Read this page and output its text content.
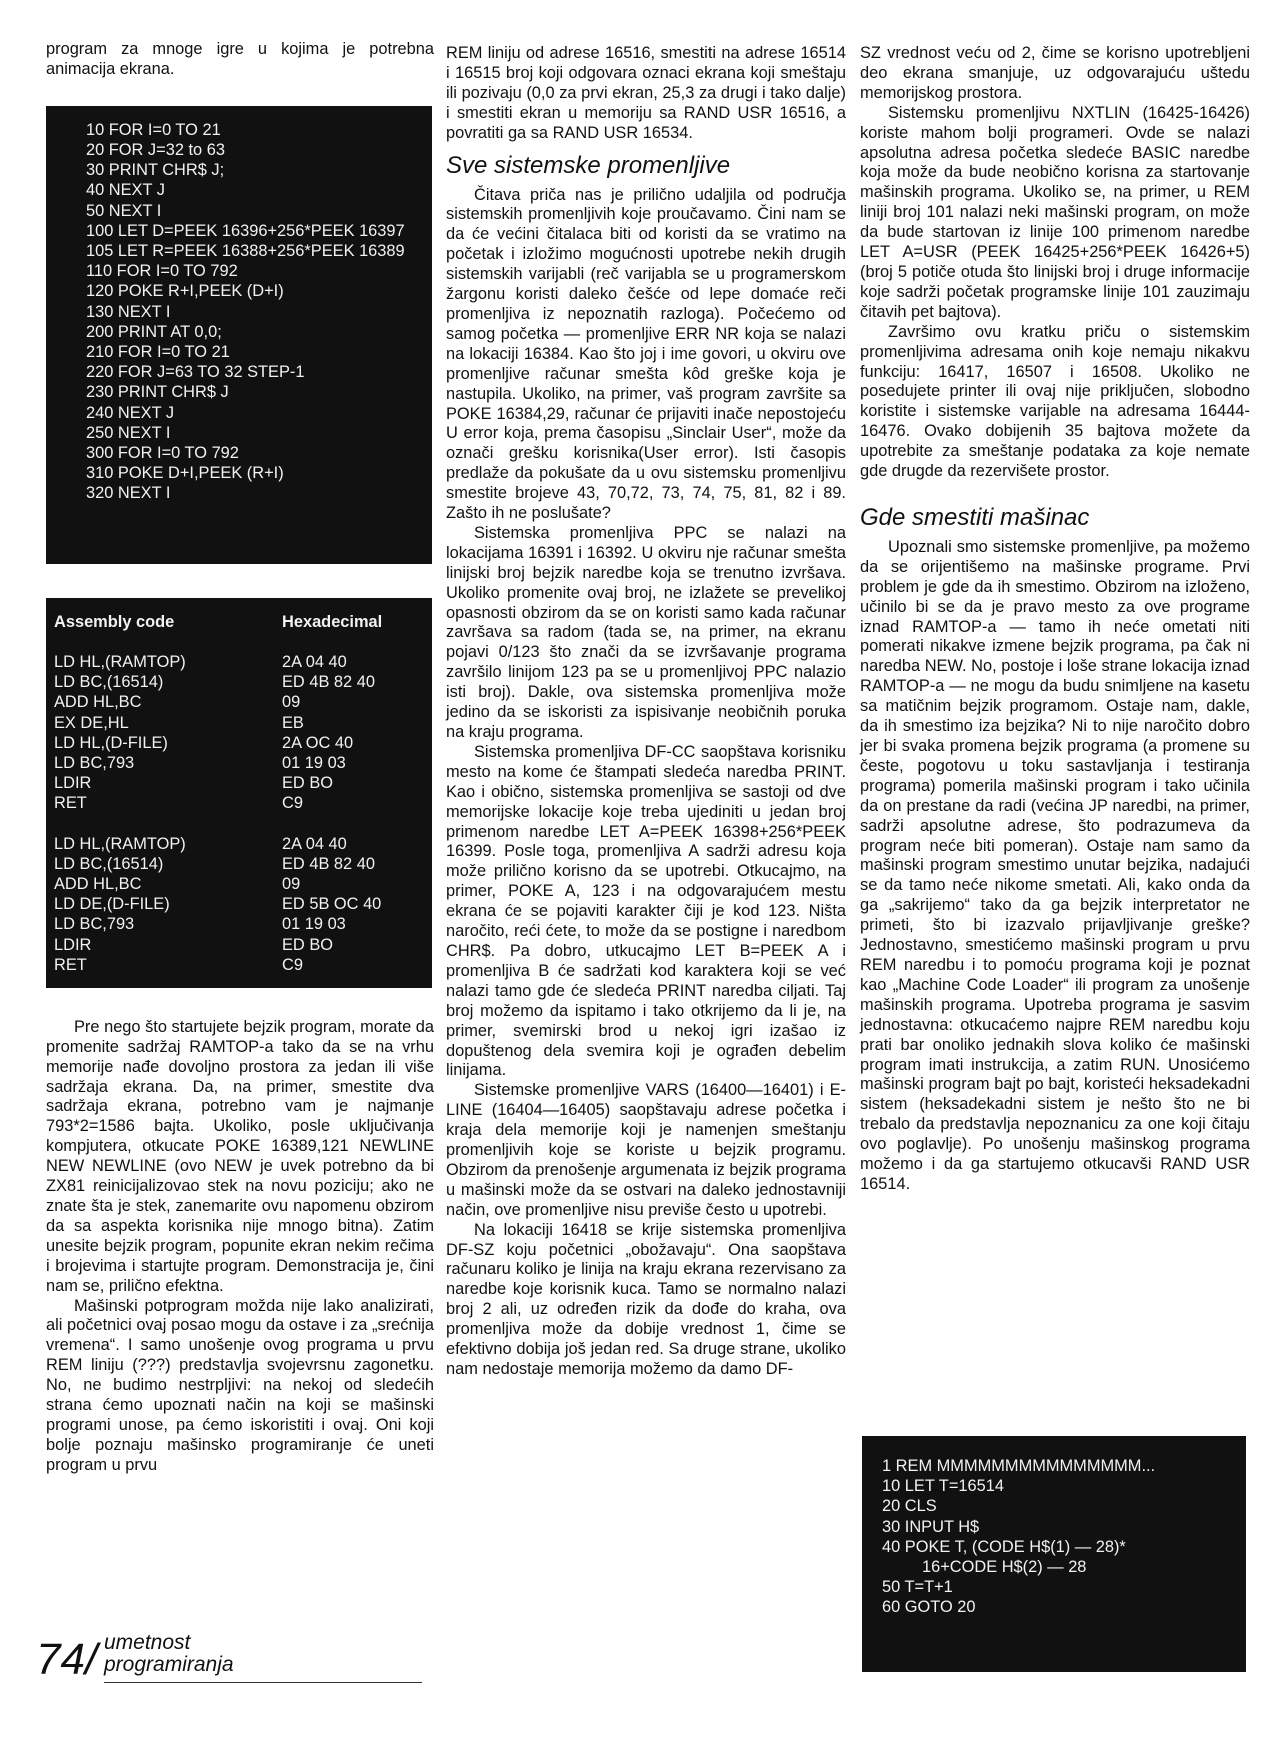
program za mnoge igre u kojima je potrebna animacija ekrana.

10 FOR I=0 TO 21
20 FOR J=32 to 63
30 PRINT CHR$ J;
40 NEXT J
50 NEXT I
100 LET D=PEEK 16396+256*PEEK 16397
105 LET R=PEEK 16388+256*PEEK 16389
110 FOR I=0 TO 792
120 POKE R+I,PEEK (D+I)
130 NEXT I
200 PRINT AT 0,0;
210 FOR I=0 TO 21
220 FOR J=63 TO 32 STEP-1
230 PRINT CHR$ J
240 NEXT J
250 NEXT I
300 FOR I=0 TO 792
310 POKE D+I,PEEK (R+I)
320 NEXT I
Assembly code	Hexadecimal
LD HL,(RAMTOP)	2A 04 40
LD BC,(16514)	ED 4B 82 40
ADD HL,BC	09
EX DE,HL	EB
LD HL,(D-FILE)	2A OC 40
LD BC,793	01 19 03
LDIR	ED BO
RET	C9
LD HL,(RAMTOP)	2A 04 40
LD BC,(16514)	ED 4B 82 40
ADD HL,BC	09
LD DE,(D-FILE)	ED 5B OC 40
LD BC,793	01 19 03
LDIR	ED BO
RET	C9

Pre nego što startujete bejzik program, morate da promenite sadržaj RAMTOP-a tako da se na vrhu memorije nađe dovoljno prostora za jedan ili više sadržaja ekrana. Da, na primer, smestite dva sadržaja ekrana, potrebno vam je najmanje 793*2=1586 bajta. Ukoliko, posle uključivanja kompjutera, otkucate POKE 16389,121 NEWLINE NEW NEWLINE (ovo NEW je uvek potrebno da bi ZX81 reinicijalizovao stek na novu poziciju; ako ne znate šta je stek, zanemarite ovu napomenu obzirom da sa aspekta korisnika nije mnogo bitna). Zatim unesite bejzik program, popunite ekran nekim rečima i brojevima i startujte program. Demonstracija je, čini nam se, prilično efektna.

Mašinski potprogram možda nije lako analizirati, ali početnici ovaj posao mogu da ostave i za „srećnija vremena“. I samo unošenje ovog programa u prvu REM liniju (???) predstavlja svojevrsnu zagonetku. No, ne budimo nestrpljivi: na nekoj od sledećih strana ćemo upoznati način na koji se mašinski programi unose, pa ćemo iskoristiti i ovaj. Oni koji bolje poznaju mašinsko programiranje će uneti program u prvu

REM liniju od adrese 16516, smestiti na adrese 16514 i 16515 broj koji odgovara oznaci ekrana koji smeštaju ili pozivaju (0,0 za prvi ekran, 25,3 za drugi i tako dalje) i smestiti ekran u memoriju sa RAND USR 16516, a povratiti ga sa RAND USR 16534.

Sve sistemske promenljive

Čitava priča nas je prilično udaljila od područja sistemskih promenljivih koje proučavamo. Čini nam se da će većini čitalaca biti od koristi da se vratimo na početak i izložimo mogućnosti upotrebe nekih drugih sistemskih varijabli (reč varijabla se u programerskom žargonu koristi daleko češće od lepe domaće reči promenljiva iz nepoznatih razloga). Počećemo od samog početka — promenljive ERR NR koja se nalazi na lokaciji 16384. Kao što joj i ime govori, u okviru ove promenljive računar smešta kôd greške koja je nastupila. Ukoliko, na primer, vaš program završite sa POKE 16384,29, računar će prijaviti inače nepostojeću U error koja, prema časopisu „Sinclair User“, može da označi grešku korisnika(User error). Isti časopis predlaže da pokušate da u ovu sistemsku promenljivu smestite brojeve 43, 70,72, 73, 74, 75, 81, 82 i 89. Zašto ih ne poslušate?

Sistemska promenljiva PPC se nalazi na lokacijama 16391 i 16392. U okviru nje računar smešta linijski broj bejzik naredbe koja se trenutno izvršava. Ukoliko promenite ovaj broj, ne izlažete se prevelikoj opasnosti obzirom da se on koristi samo kada računar završava sa radom (tada se, na primer, na ekranu pojavi 0/123 što znači da se izvršavanje programa završilo linijom 123 pa se u promenljivoj PPC nalazio isti broj). Dakle, ova sistemska promenljiva može jedino da se iskoristi za ispisivanje neobičnih poruka na kraju programa.

Sistemska promenljiva DF-CC saopštava korisniku mesto na kome će štampati sledeća naredba PRINT. Kao i obično, sistemska promenljiva se sastoji od dve memorijske lokacije koje treba ujediniti u jedan broj primenom naredbe LET A=PEEK 16398+256*PEEK 16399. Posle toga, promenljiva A sadrži adresu koja može prilično korisno da se upotrebi. Otkucajmo, na primer, POKE A, 123 i na odgovarajućem mestu ekrana će se pojaviti karakter čiji je kod 123. Ništa naročito, reći ćete, to može da se postigne i naredbom CHR$. Pa dobro, utkucajmo LET B=PEEK A i promenljiva B će sadržati kod karaktera koji se već nalazi tamo gde će sledeća PRINT naredba ciljati. Taj broj možemo da ispitamo i tako otkrijemo da li je, na primer, svemirski brod u nekoj igri izašao iz dopuštenog dela svemira koji je ograđen debelim linijama.

Sistemske promenljive VARS (16400—16401) i E-LINE (16404—16405) saopštavaju adrese početka i kraja dela memorije koji je namenjen smeštanju promenljivih koje se koriste u bejzik programu. Obzirom da prenošenje argumenata iz bejzik programa u mašinski može da se ostvari na daleko jednostavniji način, ove promenljive nisu previše često u upotrebi.

Na lokaciji 16418 se krije sistemska promenljiva DF-SZ koju početnici „obožavaju“. Ona saopštava računaru koliko je linija na kraju ekrana rezervisano za naredbe koje korisnik kuca. Tamo se normalno nalazi broj 2 ali, uz određen rizik da dođe do kraha, ova promenljiva može da dobije vrednost 1, čime se efektivno dobija još jedan red. Sa druge strane, ukoliko nam nedostaje memorija možemo da damo DF-

SZ vrednost veću od 2, čime se korisno upotrebljeni deo ekrana smanjuje, uz odgovarajuću uštedu memorijskog prostora.

Sistemsku promenljivu NXTLIN (16425-16426) koriste mahom bolji programeri. Ovde se nalazi apsolutna adresa početka sledeće BASIC naredbe koja može da bude neobično korisna za startovanje mašinskih programa. Ukoliko se, na primer, u REM liniji broj 101 nalazi neki mašinski program, on može da bude startovan iz linije 100 primenom naredbe LET A=USR (PEEK 16425+256*PEEK 16426+5) (broj 5 potiče otuda što linijski broj i druge informacije koje sadrži početak programske linije 101 zauzimaju čitavih pet bajtova).

Završimo ovu kratku priču o sistemskim promenljivima adresama onih koje nemaju nikakvu funkciju: 16417, 16507 i 16508. Ukoliko ne posedujete printer ili ovaj nije priključen, slobodno koristite i sistemske varijable na adresama 16444-16476. Ovako dobijenih 35 bajtova možete da upotrebite za smeštanje podataka za koje nemate gde drugde da rezervišete prostor.

Gde smestiti mašinac

Upoznali smo sistemske promenljive, pa možemo da se orijentišemo na mašinske programe. Prvi problem je gde da ih smestimo. Obzirom na izloženo, učinilo bi se da je pravo mesto za ove programe iznad RAMTOP-a — tamo ih neće ometati niti pomerati nikakve izmene bejzik programa, pa čak ni naredba NEW. No, postoje i loše strane lokacija iznad RAMTOP-a — ne mogu da budu snimljene na kasetu sa matičnim bejzik programom. Ostaje nam, dakle, da ih smestimo iza bejzika? Ni to nije naročito dobro jer bi svaka promena bejzik programa (a promene su česte, pogotovu u toku sastavljanja i testiranja programa) pomerila mašinski program i tako učinila da on prestane da radi (većina JP naredbi, na primer, sadrži apsolutne adrese, što podrazumeva da program neće biti pomeran). Ostaje nam samo da mašinski program smestimo unutar bejzika, nadajući se da tamo neće nikome smetati. Ali, kako onda da ga „sakrijemo“ tako da ga bejzik interpretator ne primeti, što bi izazvalo prijavljivanje greške? Jednostavno, smestićemo mašinski program u prvu REM naredbu i to pomoću programa koji je poznat kao „Machine Code Loader“ ili program za unošenje mašinskih programa. Upotreba programa je sasvim jednostavna: otkucaćemo najpre REM naredbu koju prati bar onoliko jednakih slova koliko će mašinski program imati instrukcija, a zatim RUN. Unosićemo mašinski program bajt po bajt, koristeći heksadekadni sistem (heksadekadni sistem je nešto što ne bi trebalo da predstavlja nepoznanicu za one koji čitaju ovo poglavlje). Po unošenju mašinskog programa možemo i da ga startujemo otkucavši RAND USR 16514.

1 REM MMMMMMMMMMMMMMM...
10 LET T=16514
20 CLS
30 INPUT H$
40 POKE T, (CODE H$(1) — 28)*
16+CODE H$(2) — 28
50 T=T+1
60 GOTO 20
74/ umetnost
programiranja
